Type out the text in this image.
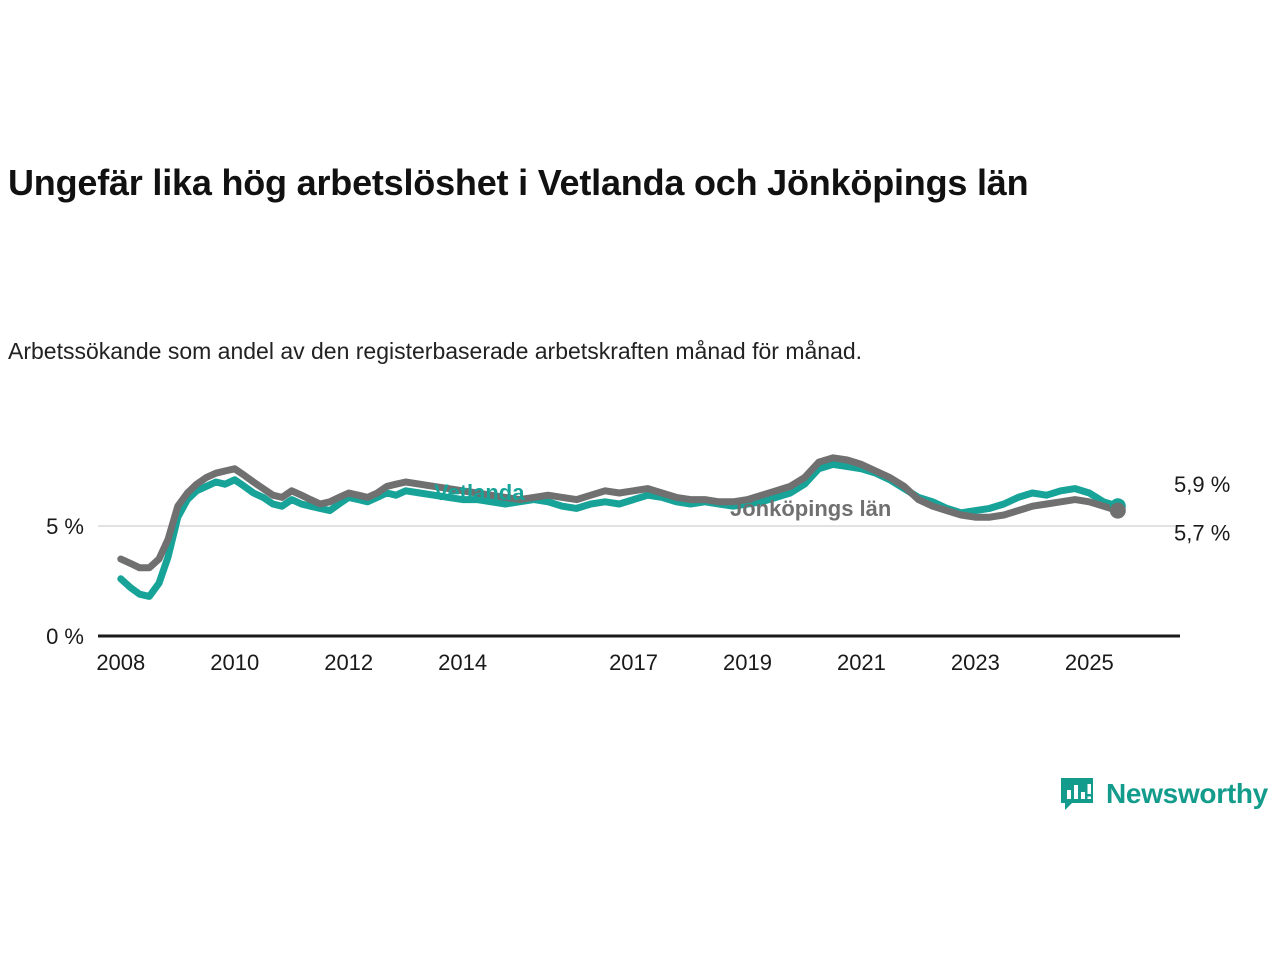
Ungefär lika hög arbetslöshet i Vetlanda och Jönköpings län

Arbetssökande som andel av den registerbaserade arbetskraften månad för månad.

0 %
5 %
2008	2010	2012	2014	2017	2019	2021	2023	2025
5,9 %
5,7 %
Vetlanda
Jönköpings län
Newsworthy
